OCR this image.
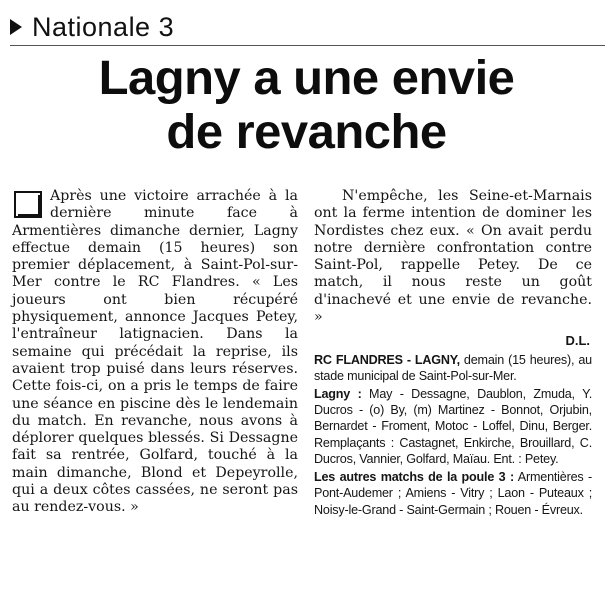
Nationale 3
Lagny a une envie
de revanche

Après une victoire arrachée à la dernière minute face à Armentières dimanche dernier, Lagny effectue demain (15 heures) son premier déplacement, à Saint-Pol-sur-Mer contre le RC Flandres. « Les joueurs ont bien récupéré physiquement, annonce Jacques Petey, l'entraîneur latignacien. Dans la semaine qui précédait la reprise, ils avaient trop puisé dans leurs réserves. Cette fois-ci, on a pris le temps de faire une séance en piscine dès le lendemain du match. En revanche, nous avons à déplorer quelques blessés. Si Dessagne fait sa rentrée, Golfard, touché à la main dimanche, Blond et Depeyrolle, qui a deux côtes cassées, ne seront pas au rendez-vous. »

N'empêche, les Seine-et-Marnais ont la ferme intention de dominer les Nordistes chez eux. « On avait perdu notre dernière confrontation contre Saint-Pol, rappelle Petey. De ce match, il nous reste un goût d'inachevé et une envie de revanche. »

D.L.

RC FLANDRES - LAGNY, demain (15 heures), au stade municipal de Saint-Pol-sur-Mer.

Lagny : May - Dessagne, Daublon, Zmuda, Y. Ducros - (o) By, (m) Martinez - Bonnot, Orjubin, Bernardet - Froment, Motoc - Loffel, Dinu, Berger. Remplaçants : Castagnet, Enkirche, Brouillard, C. Ducros, Vannier, Golfard, Maïau. Ent. : Petey.

Les autres matchs de la poule 3 : Armentières - Pont-Audemer ; Amiens - Vitry ; Laon - Puteaux ; Noisy-le-Grand - Saint-Germain ; Rouen - Évreux.
